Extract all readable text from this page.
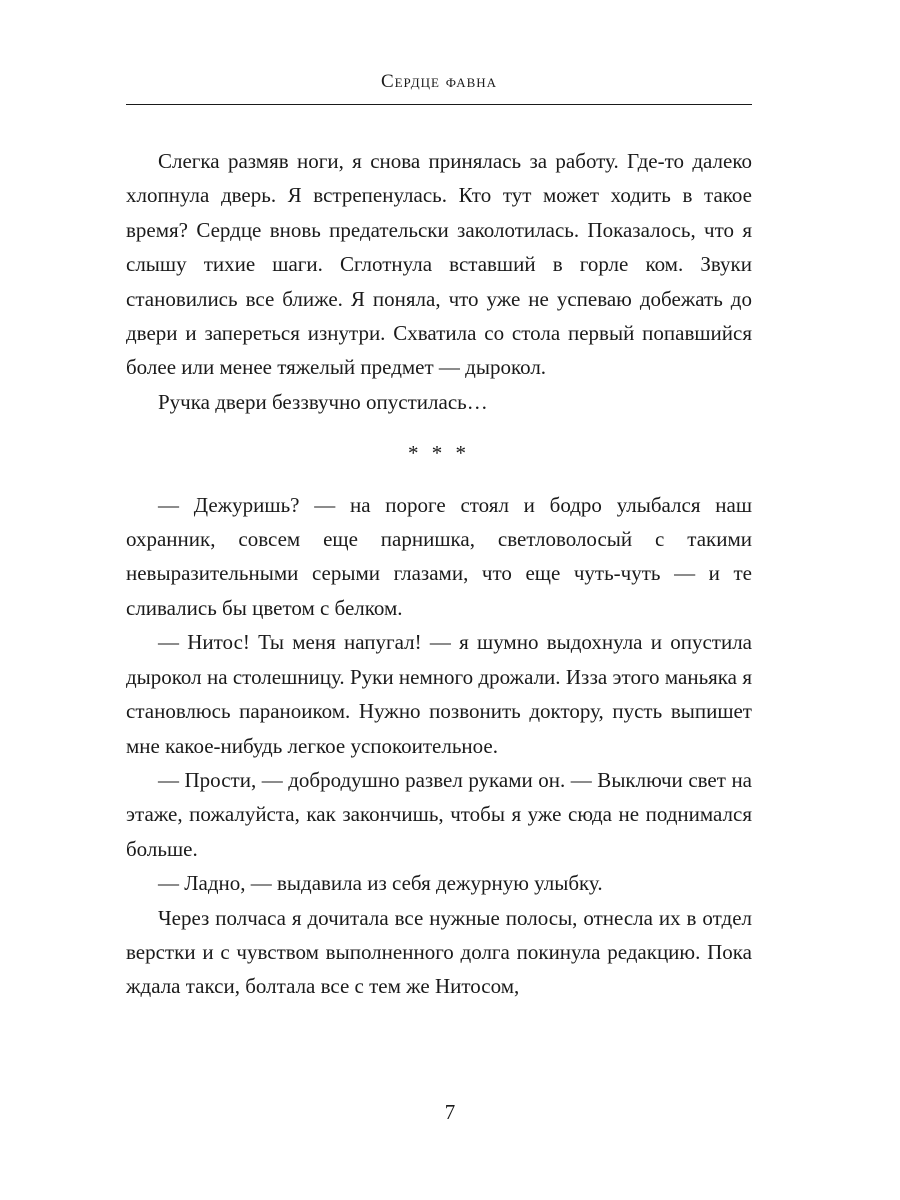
Сердце фавна

Слегка размяв ноги, я снова принялась за работу. Где-то далеко хлопнула дверь. Я встрепенулась. Кто тут может ходить в такое время? Сердце вновь предательски заколотилась. Показалось, что я слышу тихие шаги. Сглотнула вставший в горле ком. Звуки становились все ближе. Я поняла, что уже не успеваю добежать до двери и запереться изнутри. Схватила со стола первый попавшийся более или менее тяжелый предмет — дырокол.

Ручка двери беззвучно опустилась…

* * *

— Дежуришь? — на пороге стоял и бодро улыбался наш охранник, совсем еще парнишка, светловолосый с такими невыразительными серыми глазами, что еще чуть-чуть — и те сливались бы цветом с белком.

— Нитос! Ты меня напугал! — я шумно выдохнула и опустила дырокол на столешницу. Руки немного дрожали. Изза этого маньяка я становлюсь параноиком. Нужно позвонить доктору, пусть выпишет мне какое-нибудь легкое успокоительное.

— Прости, — добродушно развел руками он. — Выключи свет на этаже, пожалуйста, как закончишь, чтобы я уже сюда не поднимался больше.

— Ладно, — выдавила из себя дежурную улыбку.

Через полчаса я дочитала все нужные полосы, отнесла их в отдел верстки и с чувством выполненного долга покинула редакцию. Пока ждала такси, болтала все с тем же Нитосом,

7
